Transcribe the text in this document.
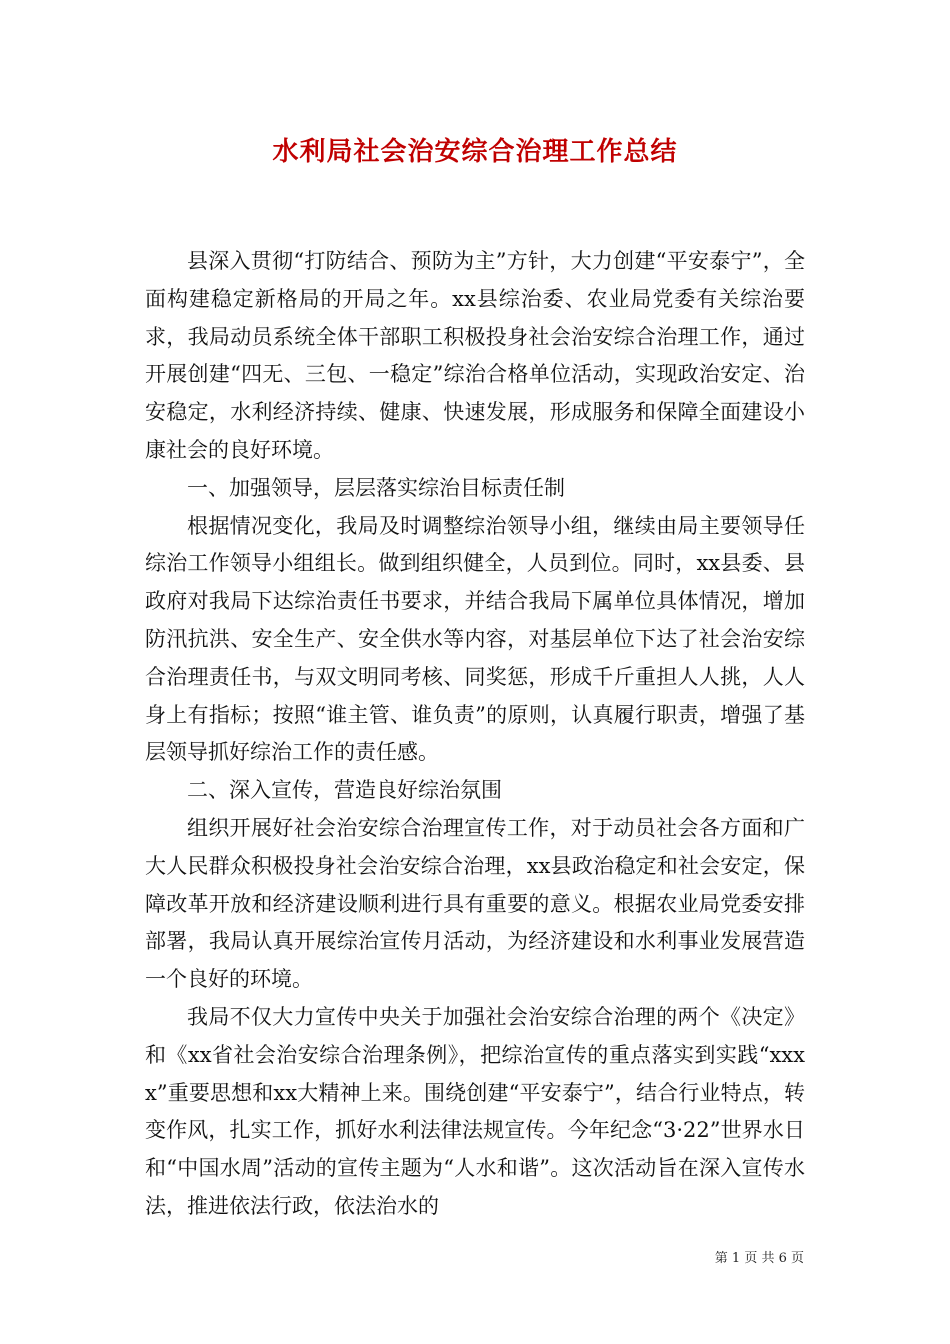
水利局社会治安综合治理工作总结

县深入贯彻“打防结合、预防为主”方针，大力创建“平安泰宁”，全面构建稳定新格局的开局之年。xx县综治委、农业局党委有关综治要求，我局动员系统全体干部职工积极投身社会治安综合治理工作，通过开展创建“四无、三包、一稳定”综治合格单位活动，实现政治安定、治安稳定，水利经济持续、健康、快速发展，形成服务和保障全面建设小康社会的良好环境。

一、加强领导，层层落实综治目标责任制

根据情况变化，我局及时调整综治领导小组，继续由局主要领导任综治工作领导小组组长。做到组织健全，人员到位。同时，xx县委、县政府对我局下达综治责任书要求，并结合我局下属单位具体情况，增加防汛抗洪、安全生产、安全供水等内容，对基层单位下达了社会治安综合治理责任书，与双文明同考核、同奖惩，形成千斤重担人人挑，人人身上有指标；按照“谁主管、谁负责”的原则，认真履行职责，增强了基层领导抓好综治工作的责任感。

二、深入宣传，营造良好综治氛围

组织开展好社会治安综合治理宣传工作，对于动员社会各方面和广大人民群众积极投身社会治安综合治理，xx县政治稳定和社会安定，保障改革开放和经济建设顺利进行具有重要的意义。根据农业局党委安排部署，我局认真开展综治宣传月活动，为经济建设和水利事业发展营造一个良好的环境。

我局不仅大力宣传中央关于加强社会治安综合治理的两个《决定》和《xx省社会治安综合治理条例》，把综治宣传的重点落实到实践“xxxx”重要思想和xx大精神上来。围绕创建“平安泰宁”，结合行业特点，转变作风，扎实工作，抓好水利法律法规宣传。今年纪念“3·22”世界水日和“中国水周”活动的宣传主题为“人水和谐”。这次活动旨在深入宣传水法，推进依法行政，依法治水的

第 1 页 共 6 页
